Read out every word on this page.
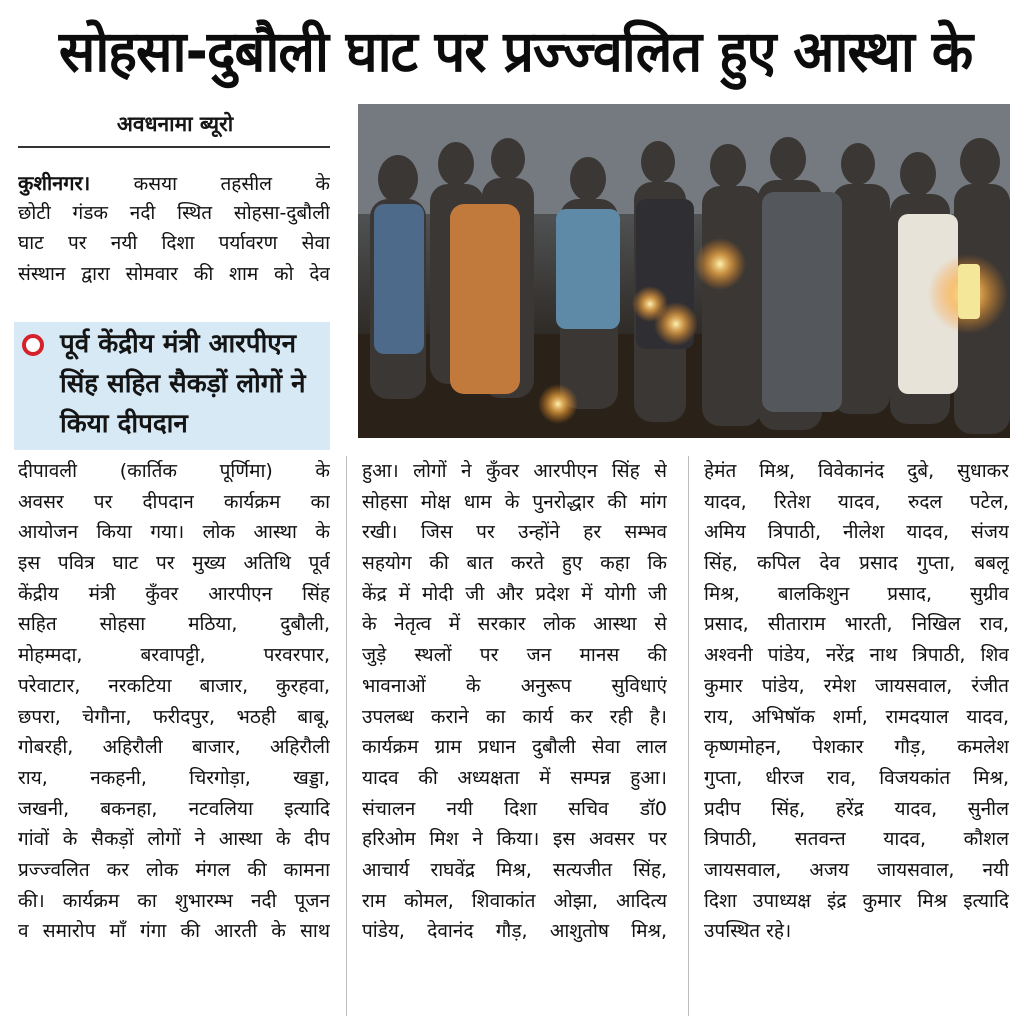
सोहसा-दुबौली घाट पर प्रज्ज्वलित हुए आस्था के
अवधनामा ब्यूरो
कुशीनगर। कसया तहसील के
छोटी गंडक नदी स्थित सोहसा-दुबौली
घाट पर नयी दिशा पर्यावरण सेवा
संस्थान द्वारा सोमवार की शाम को देव
पूर्व केंद्रीय मंत्री आरपीएन
सिंह सहित सैकड़ों लोगों ने
किया दीपदान
दीपावली (कार्तिक पूर्णिमा) के
अवसर पर दीपदान कार्यक्रम का
आयोजन किया गया। लोक आस्था के
इस पवित्र घाट पर मुख्य अतिथि पूर्व
केंद्रीय मंत्री कुँवर आरपीएन सिंह
सहित सोहसा मठिया, दुबौली,
मोहम्मदा, बरवापट्टी, परवरपार,
परेवाटार, नरकटिया बाजार, कुरहवा,
छपरा, चेगौना, फरीदपुर, भठही बाबू,
गोबरही, अहिरौली बाजार, अहिरौली
राय, नकहनी, चिरगोड़ा, खड्डा,
जखनी, बकनहा, नटवलिया इत्यादि
गांवों के सैकड़ों लोगों ने आस्था के दीप
प्रज्ज्वलित कर लोक मंगल की कामना
की। कार्यक्रम का शुभारम्भ नदी पूजन
व समारोप माँ गंगा की आरती के साथ
हुआ। लोगों ने कुँवर आरपीएन सिंह से
सोहसा मोक्ष धाम के पुनरोद्धार की मांग
रखी। जिस पर उन्होंने हर सम्भव
सहयोग की बात करते हुए कहा कि
केंद्र में मोदी जी और प्रदेश में योगी जी
के नेतृत्व में सरकार लोक आस्था से
जुड़े स्थलों पर जन मानस की
भावनाओं के अनुरूप सुविधाएं
उपलब्ध कराने का कार्य कर रही है।
कार्यक्रम ग्राम प्रधान दुबौली सेवा लाल
यादव की अध्यक्षता में सम्पन्न हुआ।
संचालन नयी दिशा सचिव डॉ0
हरिओम मिश ने किया। इस अवसर पर
आचार्य राघवेंद्र मिश्र, सत्यजीत सिंह,
राम कोमल, शिवाकांत ओझा, आदित्य
पांडेय, देवानंद गौड़, आशुतोष मिश्र,
हेमंत मिश्र, विवेकानंद दुबे, सुधाकर
यादव, रितेश यादव, रुदल पटेल,
अमिय त्रिपाठी, नीलेश यादव, संजय
सिंह, कपिल देव प्रसाद गुप्ता, बबलू
मिश्र, बालकिशुन प्रसाद, सुग्रीव
प्रसाद, सीताराम भारती, निखिल राव,
अश्वनी पांडेय, नरेंद्र नाथ त्रिपाठी, शिव
कुमार पांडेय, रमेश जायसवाल, रंजीत
राय, अभिषॉक शर्मा, रामदयाल यादव,
कृष्णमोहन, पेशकार गौड़, कमलेश
गुप्ता, धीरज राव, विजयकांत मिश्र,
प्रदीप सिंह, हरेंद्र यादव, सुनील
त्रिपाठी, सतवन्त यादव, कौशल
जायसवाल, अजय जायसवाल, नयी
दिशा उपाध्यक्ष इंद्र कुमार मिश्र इत्यादि
उपस्थित रहे।
